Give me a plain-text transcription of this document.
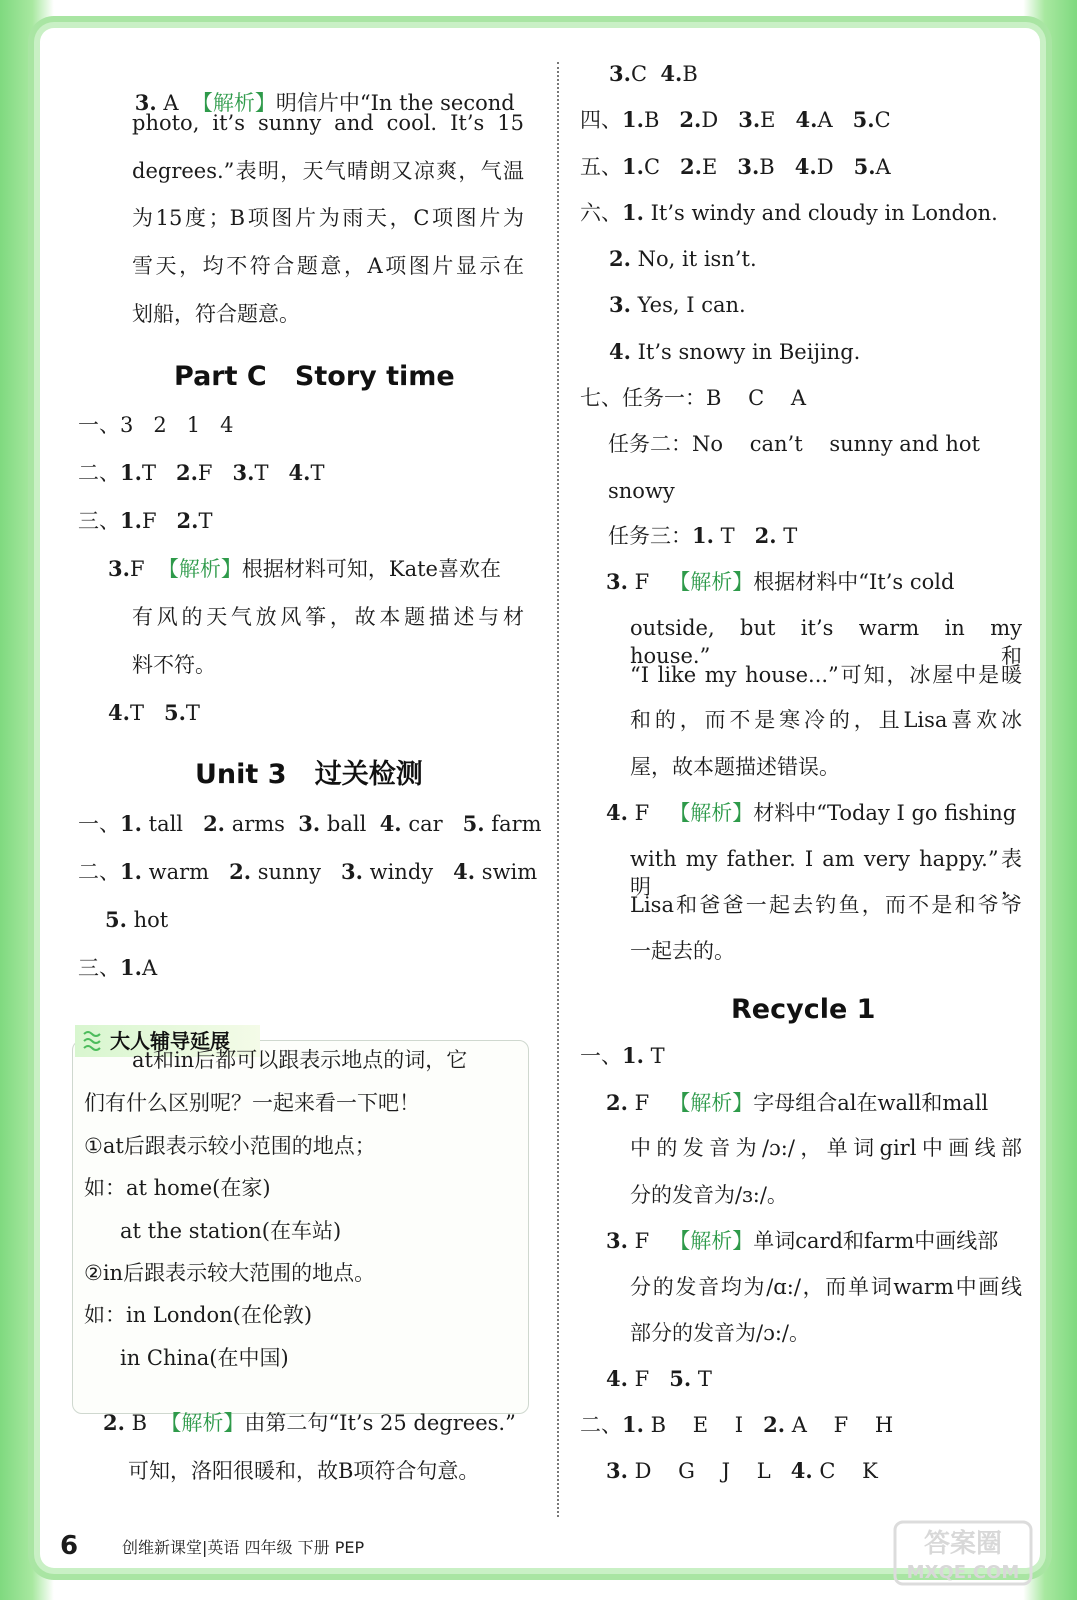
3. A 【解析】明信片中“In the second

photo, it’s sunny and cool. It’s 15
degrees.”表明，天气晴朗又凉爽，气温
为15度；B项图片为雨天，C项图片为
雪天，均不符合题意，A项图片显示在
划船，符合题意。
Part C   Story time
一、3   2   1   4
二、1.T 2.F 3.T 4.T
三、1.F 2.T
3.F 【解析】根据材料可知，Kate喜欢在
有风的天气放风筝，故本题描述与材
料不符。
4.T 5.T
Unit 3   过关检测
一、1. tall 2. arms 3. ball 4. car 5. farm
二、1. warm 2. sunny 3. windy 4. swim
5. hot
三、1.A
大人辅导延展
at和in后都可以跟表示地点的词，它
们有什么区别呢？一起来看一下吧！
①at后跟表示较小范围的地点；
如：at home(在家)
at the station(在车站)
②in后跟表示较大范围的地点。
如：in London(在伦敦)
in China(在中国)
2. B 【解析】由第二句“It’s 25 degrees.”
可知，洛阳很暖和，故B项符合句意。
3.C 4.B
四、1.B 2.D 3.E 4.A 5.C
五、1.C 2.E 3.B 4.D 5.A
六、1. It’s windy and cloudy in London.
2. No, it isn’t.
3. Yes, I can.
4. It’s snowy in Beijing.
七、任务一：B    C    A
任务二：No    can’t    sunny and hot
snowy
任务三：1. T 2. T
3. F 【解析】根据材料中“It’s cold
outside, but it’s warm in my house.”和
“I like my house...”可知，冰屋中是暖
和的，而不是寒冷的，且Lisa喜欢冰
屋，故本题描述错误。
4. F 【解析】材料中“Today I go fishing
with my father. I am very happy.”表明，
Lisa和爸爸一起去钓鱼，而不是和爷爷
一起去的。
Recycle 1
一、1. T
2. F 【解析】字母组合al在wall和mall
中的发音为/ɔ:/，单词girl中画线部
分的发音为/ɜ:/。
3. F 【解析】单词card和farm中画线部
分的发音均为/ɑ:/，而单词warm中画线
部分的发音为/ɔ:/。
4. F 5. T
二、1. B    E    I 2. A    F    H
3. D    G    J    L 4. C    K
6	创维新课堂|英语 四年级 下册 PEP	答案圈
MXQE.COM
